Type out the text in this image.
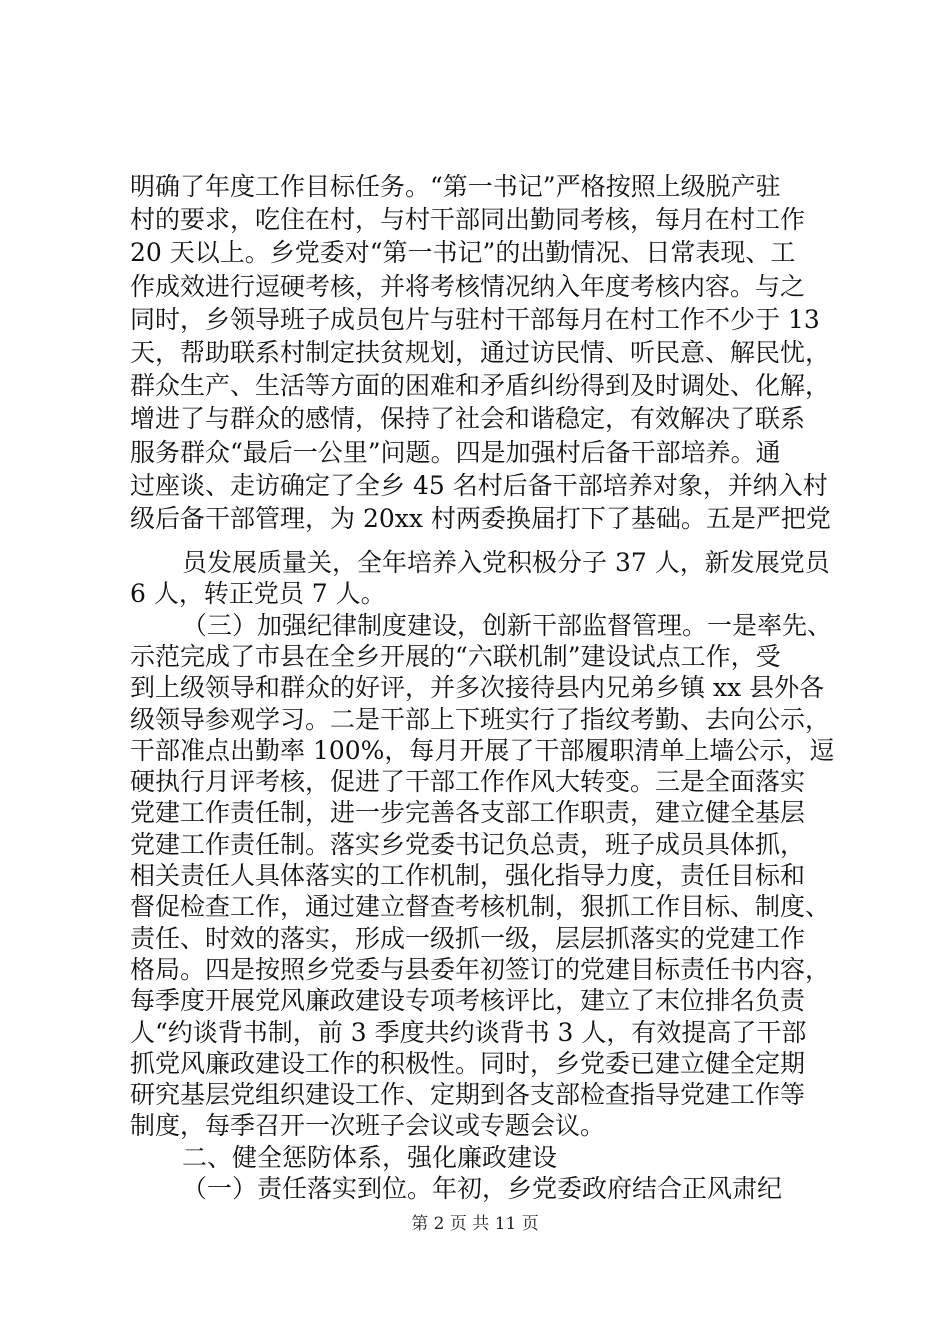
明确了年度工作目标任务。“第一书记”严格按照上级脱产驻
村的要求，吃住在村，与村干部同出勤同考核，每月在村工作
20 天以上。乡党委对“第一书记”的出勤情况、日常表现、工
作成效进行逗硬考核，并将考核情况纳入年度考核内容。与之
同时，乡领导班子成员包片与驻村干部每月在村工作不少于 13
天，帮助联系村制定扶贫规划，通过访民情、听民意、解民忧，
群众生产、生活等方面的困难和矛盾纠纷得到及时调处、化解，
增进了与群众的感情，保持了社会和谐稳定，有效解决了联系
服务群众“最后一公里”问题。四是加强村后备干部培养。通
过座谈、走访确定了全乡 45 名村后备干部培养对象，并纳入村
级后备干部管理，为 20xx 村两委换届打下了基础。五是严把党
员发展质量关，全年培养入党积极分子 37 人，新发展党员
6 人，转正党员 7 人。
（三）加强纪律制度建设，创新干部监督管理。一是率先、
示范完成了市县在全乡开展的“六联机制”建设试点工作，受
到上级领导和群众的好评，并多次接待县内兄弟乡镇 xx 县外各
级领导参观学习。二是干部上下班实行了指纹考勤、去向公示，
干部准点出勤率 100%，每月开展了干部履职清单上墙公示，逗
硬执行月评考核，促进了干部工作作风大转变。三是全面落实
党建工作责任制，进一步完善各支部工作职责，建立健全基层
党建工作责任制。落实乡党委书记负总责，班子成员具体抓，
相关责任人具体落实的工作机制，强化指导力度，责任目标和
督促检查工作，通过建立督查考核机制，狠抓工作目标、制度、
责任、时效的落实，形成一级抓一级，层层抓落实的党建工作
格局。四是按照乡党委与县委年初签订的党建目标责任书内容，
每季度开展党风廉政建设专项考核评比，建立了末位排名负责
人“约谈背书制，前 3 季度共约谈背书 3 人，有效提高了干部
抓党风廉政建设工作的积极性。同时，乡党委已建立健全定期
研究基层党组织建设工作、定期到各支部检查指导党建工作等
制度，每季召开一次班子会议或专题会议。
二、健全惩防体系，强化廉政建设
（一）责任落实到位。年初，乡党委政府结合正风肃纪
第 2 页 共 11 页
